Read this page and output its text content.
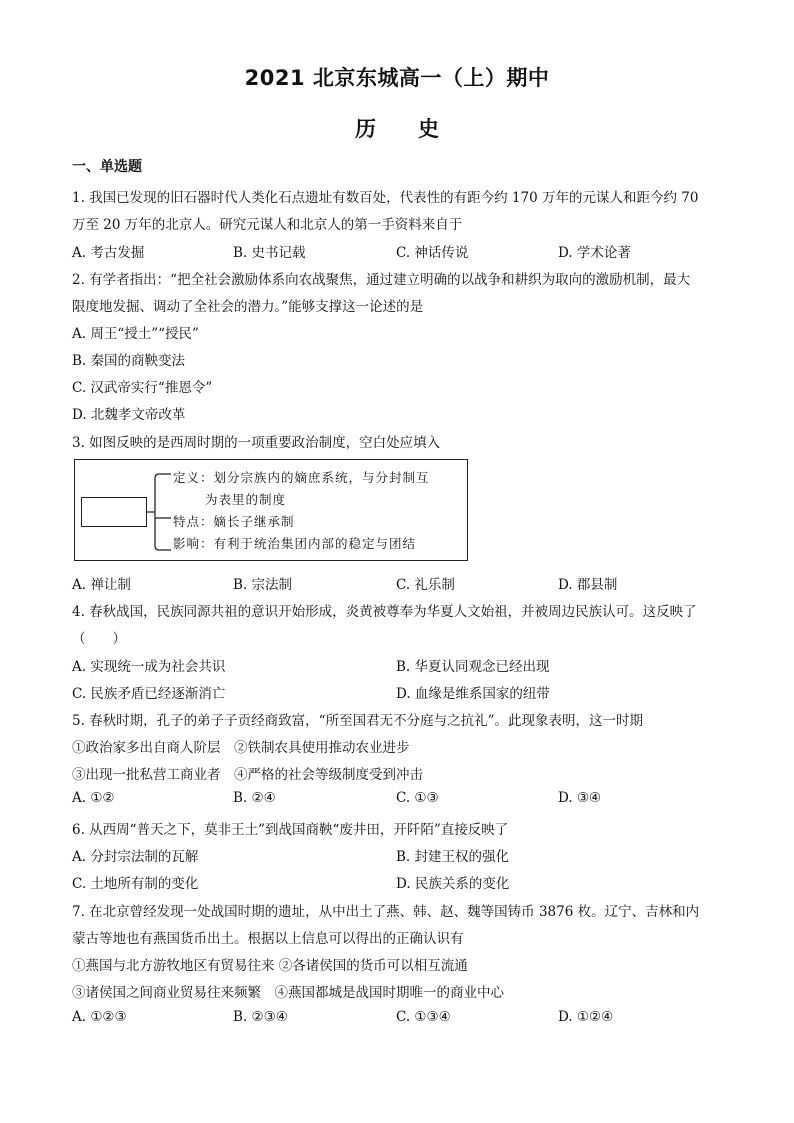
2021 北京东城高一（上）期中
历史
一、单选题
1. 我国已发现的旧石器时代人类化石点遗址有数百处，代表性的有距今约 170 万年的元谋人和距今约 70
万至 20 万年的北京人。研究元谋人和北京人的第一手资料来自于
A. 考古发掘	B. 史书记载	C. 神话传说	D. 学术论著
2. 有学者指出：“把全社会激励体系向农战聚焦，通过建立明确的以战争和耕织为取向的激励机制，最大
限度地发掘、调动了全社会的潜力。”能够支撑这一论述的是
A. 周王“授土”“授民”
B. 秦国的商鞅变法
C. 汉武帝实行“推恩令”
D. 北魏孝文帝改革
3. 如图反映的是西周时期的一项重要政治制度，空白处应填入
定义：划分宗族内的嫡庶系统，与分封制互
为表里的制度
特点：嫡长子继承制
影响：有利于统治集团内部的稳定与团结
A. 禅让制	B. 宗法制	C. 礼乐制	D. 郡县制
4. 春秋战国，民族同源共祖的意识开始形成，炎黄被尊奉为华夏人文始祖，并被周边民族认可。这反映了
（　　）
A. 实现统一成为社会共识	B. 华夏认同观念已经出现
C. 民族矛盾已经逐渐消亡	D. 血缘是维系国家的纽带
5. 春秋时期，孔子的弟子子贡经商致富，“所至国君无不分庭与之抗礼”。此现象表明，这一时期
①政治家多出自商人阶层　②铁制农具使用推动农业进步
③出现一批私营工商业者　④严格的社会等级制度受到冲击
A. ①②	B. ②④	C. ①③	D. ③④
6. 从西周“普天之下，莫非王土”到战国商鞅“废井田，开阡陌”直接反映了
A. 分封宗法制的瓦解	B. 封建王权的强化
C. 土地所有制的变化	D. 民族关系的变化
7. 在北京曾经发现一处战国时期的遗址，从中出土了燕、韩、赵、魏等国铸币 3876 枚。辽宁、吉林和内
蒙古等地也有燕国货币出土。根据以上信息可以得出的正确认识有
①燕国与北方游牧地区有贸易往来 ②各诸侯国的货币可以相互流通
③诸侯国之间商业贸易往来频繁　④燕国都城是战国时期唯一的商业中心
A. ①②③	B. ②③④	C. ①③④	D. ①②④
